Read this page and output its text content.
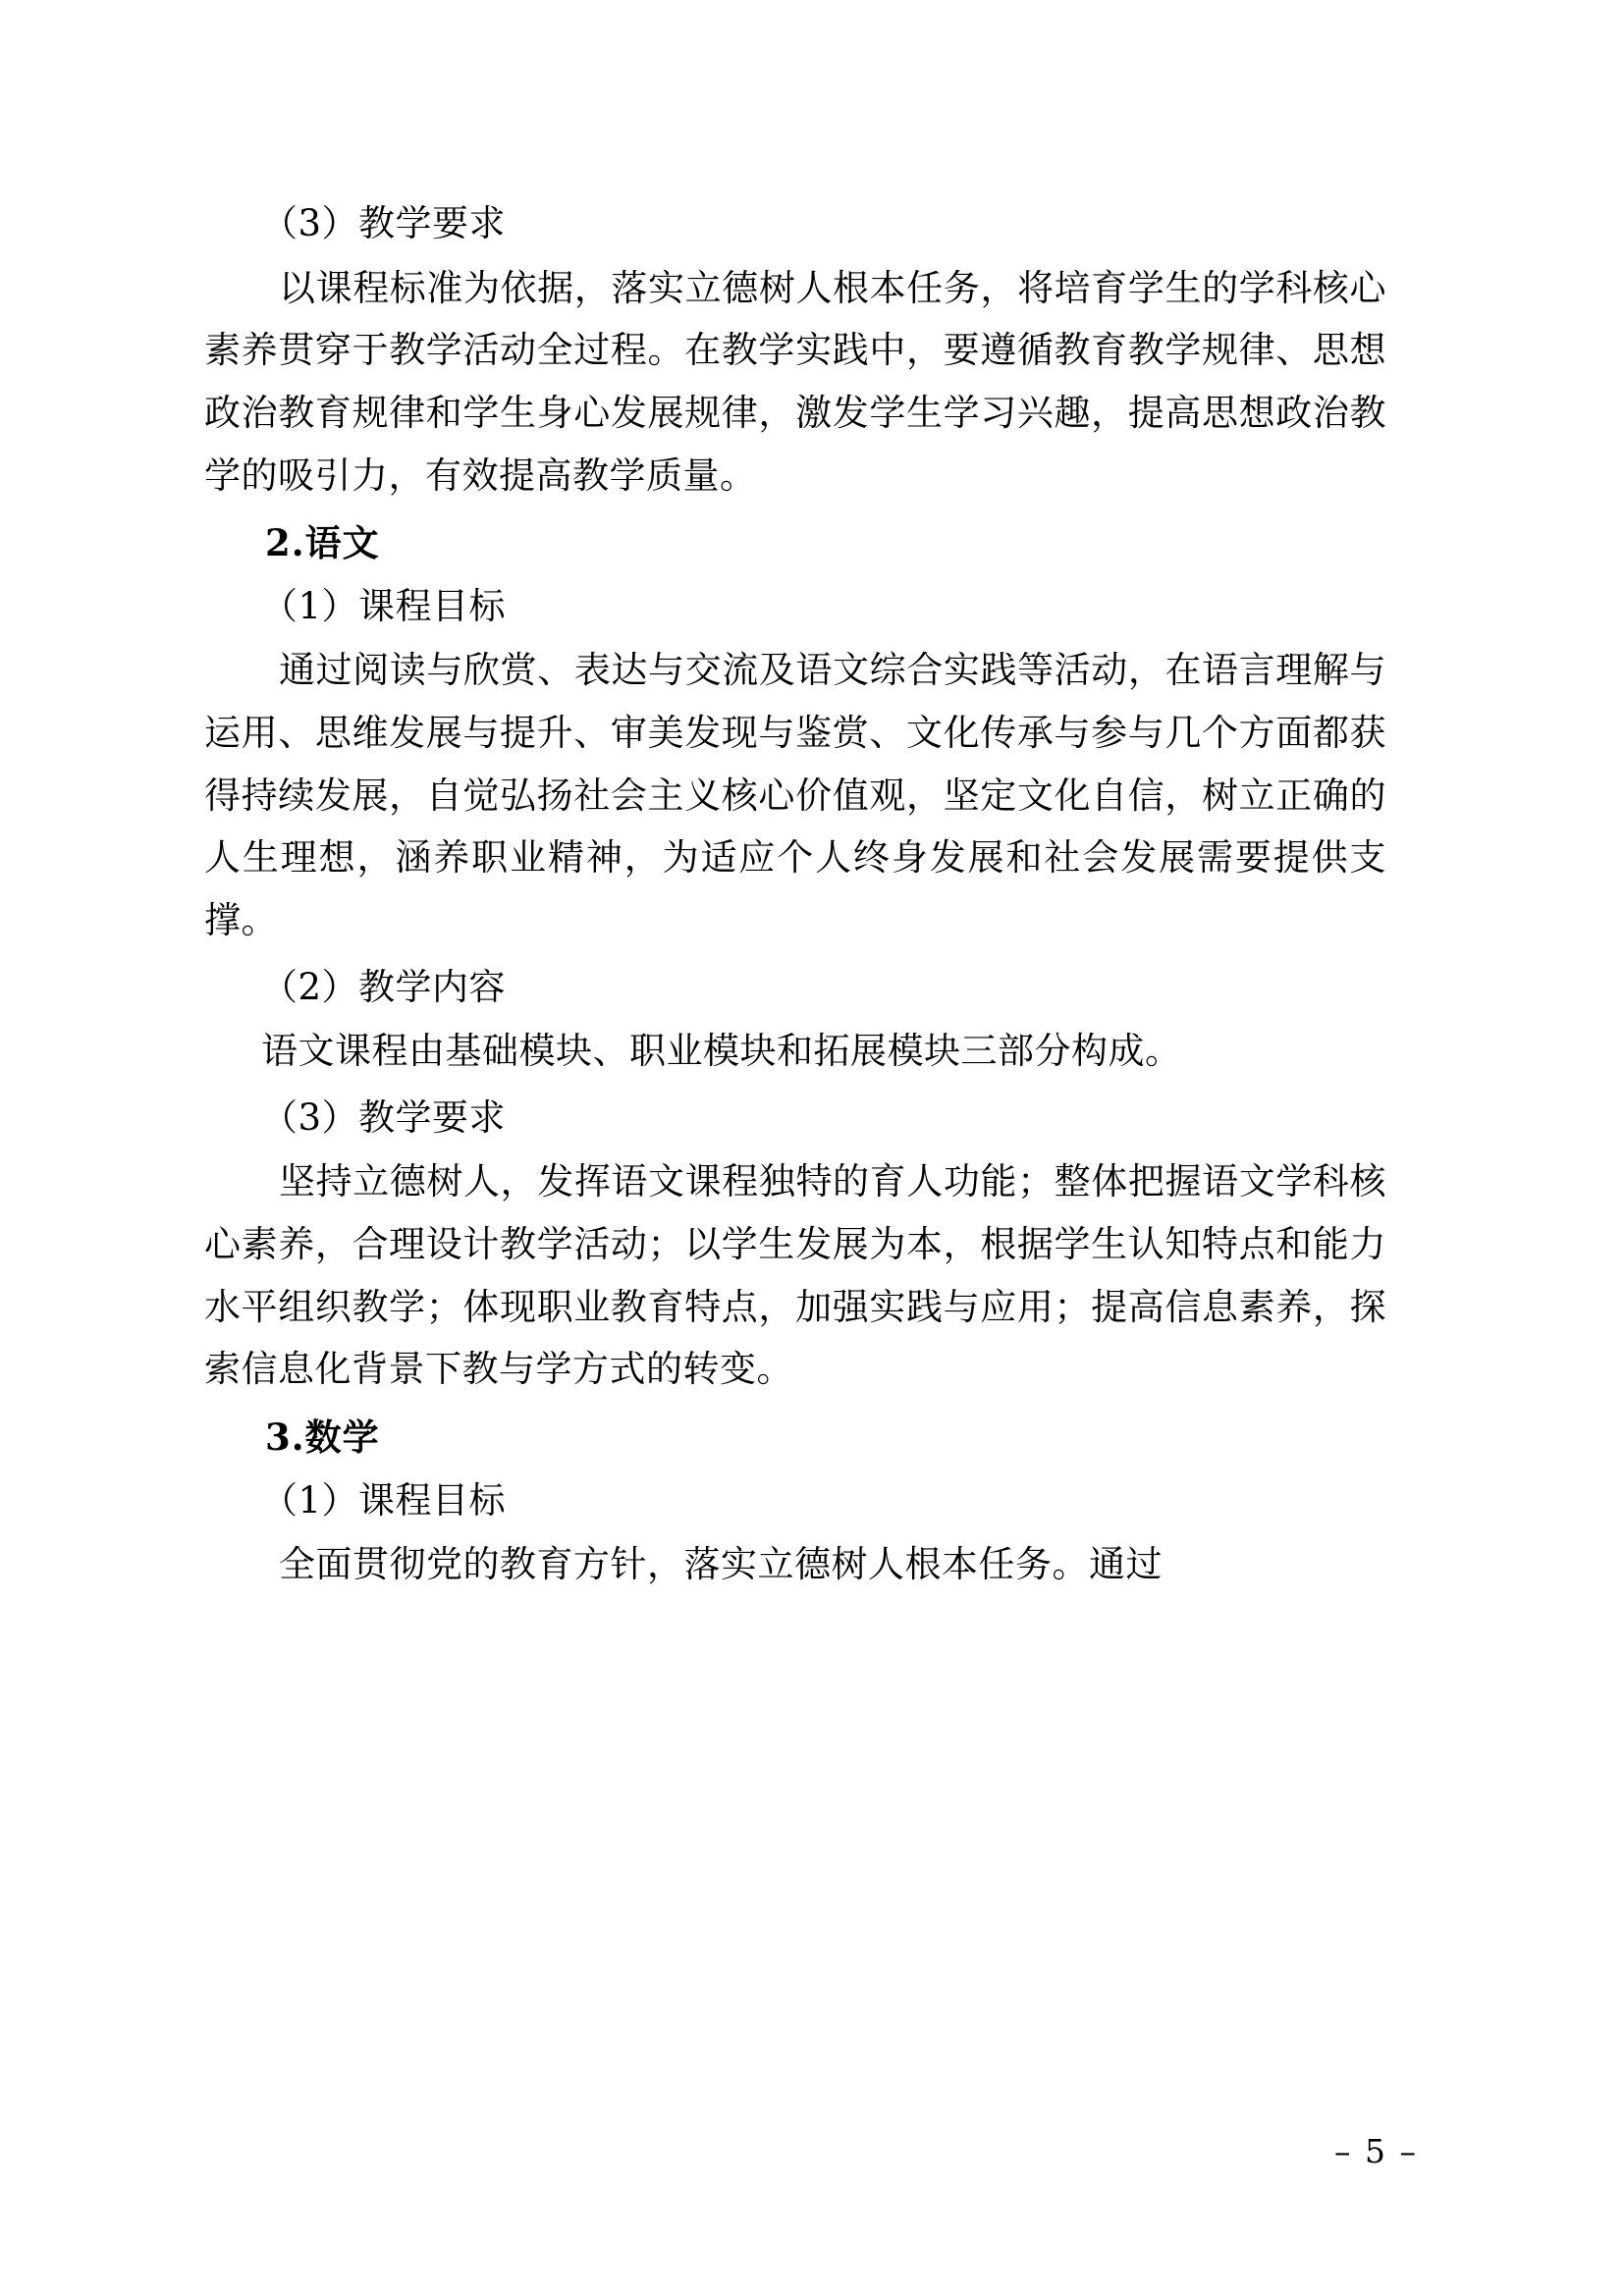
（3）教学要求

以课程标准为依据，落实立德树人根本任务，将培育学生的学科核心素养贯穿于教学活动全过程。在教学实践中，要遵循教育教学规律、思想政治教育规律和学生身心发展规律，激发学生学习兴趣，提高思想政治教学的吸引力，有效提高教学质量。

2.语文

（1）课程目标

通过阅读与欣赏、表达与交流及语文综合实践等活动，在语言理解与运用、思维发展与提升、审美发现与鉴赏、文化传承与参与几个方面都获得持续发展，自觉弘扬社会主义核心价值观，坚定文化自信，树立正确的人生理想，涵养职业精神，为适应个人终身发展和社会发展需要提供支撑。

（2）教学内容

语文课程由基础模块、职业模块和拓展模块三部分构成。

（3）教学要求

坚持立德树人，发挥语文课程独特的育人功能；整体把握语文学科核心素养，合理设计教学活动；以学生发展为本，根据学生认知特点和能力水平组织教学；体现职业教育特点，加强实践与应用；提高信息素养，探索信息化背景下教与学方式的转变。

3.数学

（1）课程目标

全面贯彻党的教育方针，落实立德树人根本任务。通过

– 5 –
